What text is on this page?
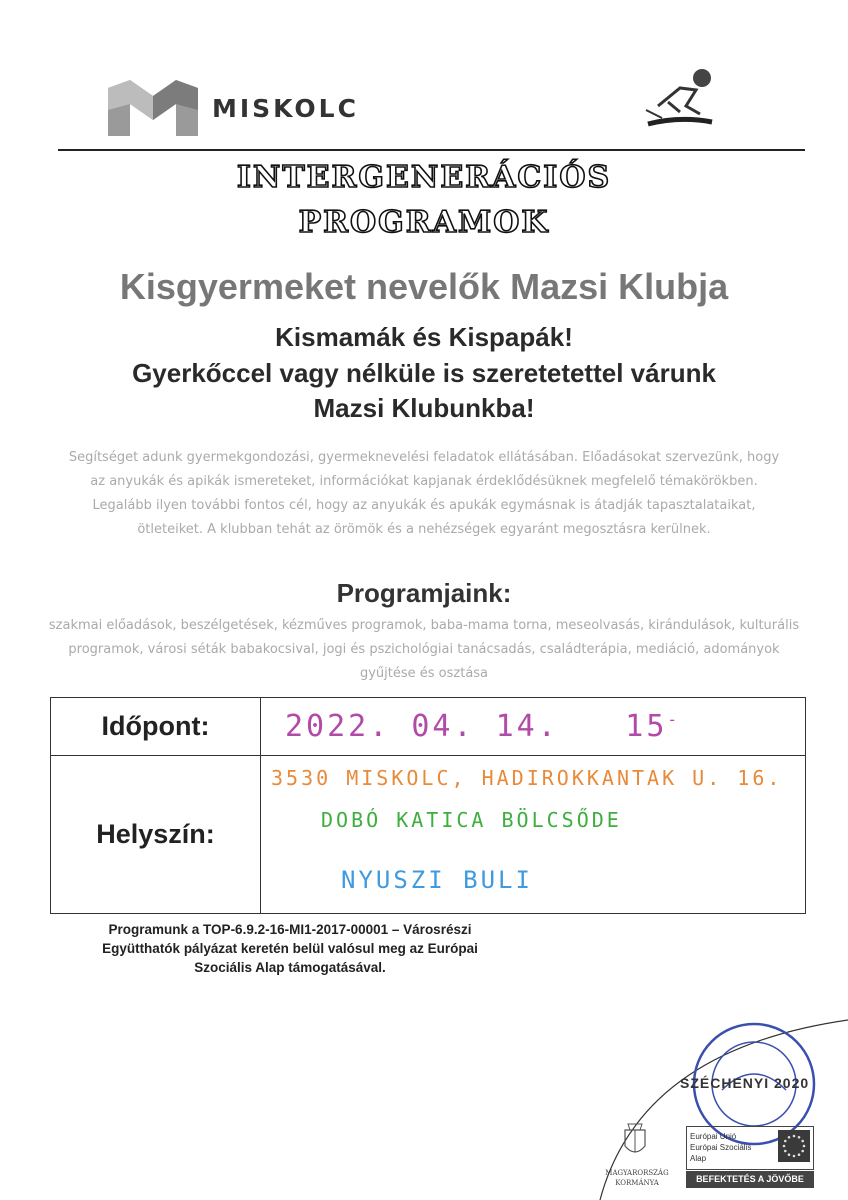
MISKOLC
INTERGENERÁCIÓS
PROGRAMOK
Kisgyermeket nevelők Mazsi Klubja
Kismamák és Kispapák!
Gyerkőccel vagy nélküle is szeretetettel várunk
Mazsi Klubunkba!
Segítséget adunk gyermekgondozási, gyermeknevelési feladatok ellátásában. Előadásokat szervezünk, hogy az anyukák és apikák ismereteket, információkat kapjanak érdeklődésüknek megfelelő témakörökben. Legalább ilyen további fontos cél, hogy az anyukák és apukák egymásnak is átadják tapasztalataikat, ötleteiket. A klubban tehát az örömök és a nehézségek egyaránt megosztásra kerülnek.
Programjaink:
szakmai előadások, beszélgetések, kézműves programok, baba-mama torna, meseolvasás, kirándulások, kulturális programok, városi séták babakocsival, jogi és pszichológiai tanácsadás, családterápia, mediáció, adományok gyűjtése és osztása
Időpont:	2022. 04. 14. 15-
Helyszín:	3530 MISKOLC, HADIROKKANTAK U. 16.
DOBÓ KATICA BÖLCSŐDE
NYUSZI BULI
Programunk a TOP-6.9.2-16-MI1-2017-00001 – Városrészi
Együtthatók pályázat keretén belül valósul meg az Európai
Szociális Alap támogatásával.
SZÉCHENYI 2020
Európai Unió
Európai Szociális
Alap
BEFEKTETÉS A JÖVŐBE
MAGYARORSZÁG
KORMÁNYA
